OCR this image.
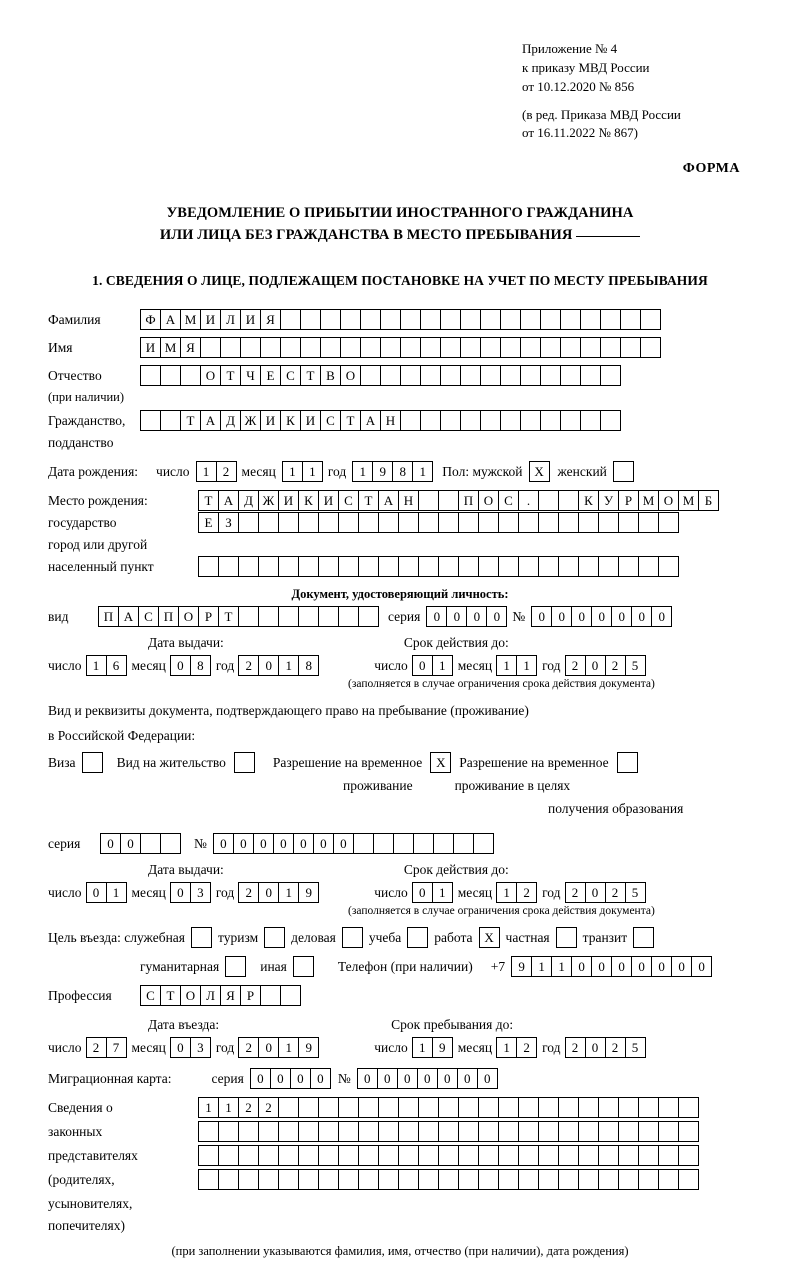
Приложение № 4
к приказу МВД России
от 10.12.2020 № 856
(в ред. Приказа МВД России
от 16.11.2022 № 867)
ФОРМА
УВЕДОМЛЕНИЕ О ПРИБЫТИИ ИНОСТРАННОГО ГРАЖДАНИНА
ИЛИ ЛИЦА БЕЗ ГРАЖДАНСТВА В МЕСТО ПРЕБЫВАНИЯ
1. СВЕДЕНИЯ О ЛИЦЕ, ПОДЛЕЖАЩЕМ ПОСТАНОВКЕ НА УЧЕТ ПО МЕСТУ ПРЕБЫВАНИЯ
Фамилия	Ф А М И Л И Я
Имя	И М Я
Отчество	О Т Ч Е С Т В О
(при наличии)
Гражданство,	Т А Д Ж И К И С Т А Н
подданство
Дата рождения: число	1	2 месяц	1	1 год	1	9	8	1	Пол: мужской Х	женский
Место рождения:	Т А Д Ж И К И С Т А Н	П О С	.	К У Р М О М Б
государство	Е З
город или другой
населенный пункт
Документ, удостоверяющий личность:
вид	П А С П О Р Т	серия	0	0	0	0 №	0	0	0	0	0	0	0
Дата выдачи:	Срок действия до:
число 1	6 месяц 0	8 год 2	0	1	8	число 0	1 месяц 1	1 год 2	0	2	5
(заполняется в случае ограничения срока действия документа)
Вид и реквизиты документа, подтверждающего право на пребывание (проживание)
в Российской Федерации:
Виза	Вид на жительство	Разрешение на временное	Х	Разрешение на временное
проживание	проживание в целях
получения образования
серия	0	0	№	0	0	0	0	0	0	0
Дата выдачи:	Срок действия до:
число 0	1 месяц 0	3 год 2	0	1	9	число 0	1 месяц 1	2 год 2	0	2	5
(заполняется в случае ограничения срока действия документа)
Цель въезда: служебная туризм деловая учеба работа Х частная транзит
гуманитарная	иная	Телефон (при наличии) +7	9	1	1	0	0	0	0	0	0	0
Профессия	С Т О Л Я Р
Дата въезда:	Срок пребывания до:
число 2	7 месяц 0	3 год 2	0	1	9	число 1	9 месяц 1	2 год 2	0	2	5
Миграционная карта:	серия	0	0	0	0	№	0	0	0	0	0	0	0
Сведения о	1	1	2	2
законных
представителях
(родителях,
усыновителях,
попечителях)
(при заполнении указываются фамилия, имя, отчество (при наличии), дата рождения)
